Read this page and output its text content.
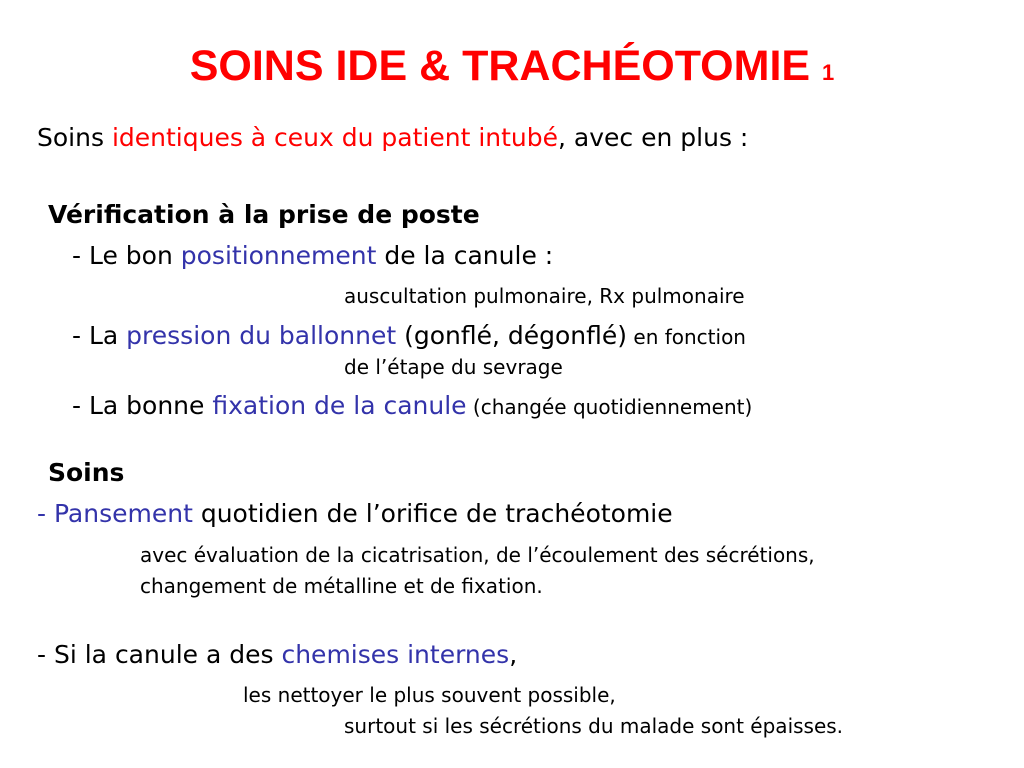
SOINS IDE & TRACHÉOTOMIE 1
Soins identiques à ceux du patient intubé, avec en plus :
Vérification à la prise de poste
- Le bon positionnement de la canule :
auscultation pulmonaire, Rx pulmonaire
- La pression du ballonnet (gonflé, dégonflé) en fonction
de l’étape du sevrage
- La bonne fixation de la canule (changée quotidiennement)
Soins
- Pansement quotidien de l’orifice de trachéotomie
avec évaluation de la cicatrisation, de l’écoulement des sécrétions,
changement de métalline et de fixation.
- Si la canule a des chemises internes,
les nettoyer le plus souvent possible,
surtout si les sécrétions du malade sont épaisses.
